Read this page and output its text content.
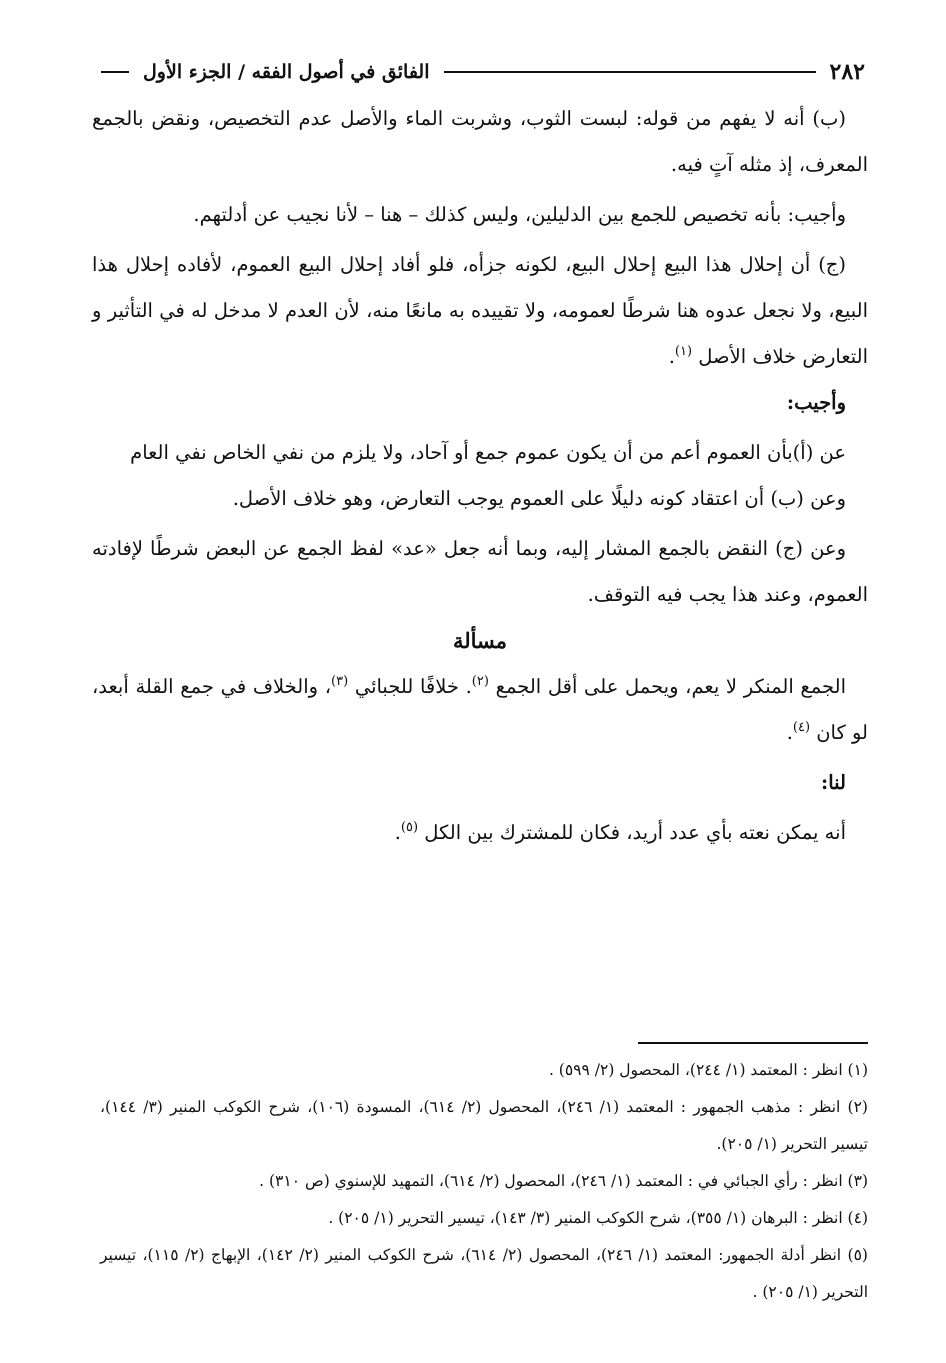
٢٨٢
الفائق في أصول الفقه / الجزء الأول

(ب) أنه لا يفهم من قوله: لبست الثوب، وشربت الماء والأصل عدم التخصيص، ونقض بالجمع المعرف، إذ مثله آتٍ فيه.

وأجيب: بأنه تخصيص للجمع بين الدليلين، وليس كذلك – هنا – لأنا نجيب عن أدلتهم.

(ج) أن إحلال هذا البيع إحلال البيع، لكونه جزأه، فلو أفاد إحلال البيع العموم، لأفاده إحلال هذا البيع، ولا نجعل عدوه هنا شرطًا لعمومه، ولا تقييده به مانعًا منه، لأن العدم لا مدخل له في التأثير و التعارض خلاف الأصل $^{(١)}$.

وأجيب:

عن (أ)بأن العموم أعم من أن يكون عموم جمع أو آحاد، ولا يلزم من نفي الخاص نفي العام

وعن (ب) أن اعتقاد كونه دليلًا على العموم يوجب التعارض، وهو خلاف الأصل.

وعن (ج) النقض بالجمع المشار إليه، وبما أنه جعل «عد» لفظ الجمع عن البعض شرطًا لإفادته العموم، وعند هذا يجب فيه التوقف.

مسألة

الجمع المنكر لا يعم، ويحمل على أقل الجمع $^{(٢)}$. خلافًا للجبائي $^{(٣)}$، والخلاف في جمع القلة أبعد، لو كان $^{(٤)}$.

لنا:

أنه يمكن نعته بأي عدد أريد، فكان للمشترك بين الكل $^{(٥)}$.

(١) انظر : المعتمد (١/ ٢٤٤)، المحصول (٢/ ٥٩٩) .

(٢) انظر : مذهب الجمهور : المعتمد (١/ ٢٤٦)، المحصول (٢/ ٦١٤)، المسودة (١٠٦)، شرح الكوكب المنير (٣/ ١٤٤)، تيسير التحرير (١/ ٢٠٥).

(٣) انظر : رأي الجبائي في : المعتمد (١/ ٢٤٦)، المحصول (٢/ ٦١٤)، التمهيد للإسنوي (ص ٣١٠) .

(٤) انظر : البرهان (١/ ٣٥٥)، شرح الكوكب المنير (٣/ ١٤٣)، تيسير التحرير (١/ ٢٠٥) .

(٥) انظر أدلة الجمهور: المعتمد (١/ ٢٤٦)، المحصول (٢/ ٦١٤)، شرح الكوكب المنير (٢/ ١٤٢)، الإبهاج (٢/ ١١٥)، تيسير التحرير (١/ ٢٠٥) .
